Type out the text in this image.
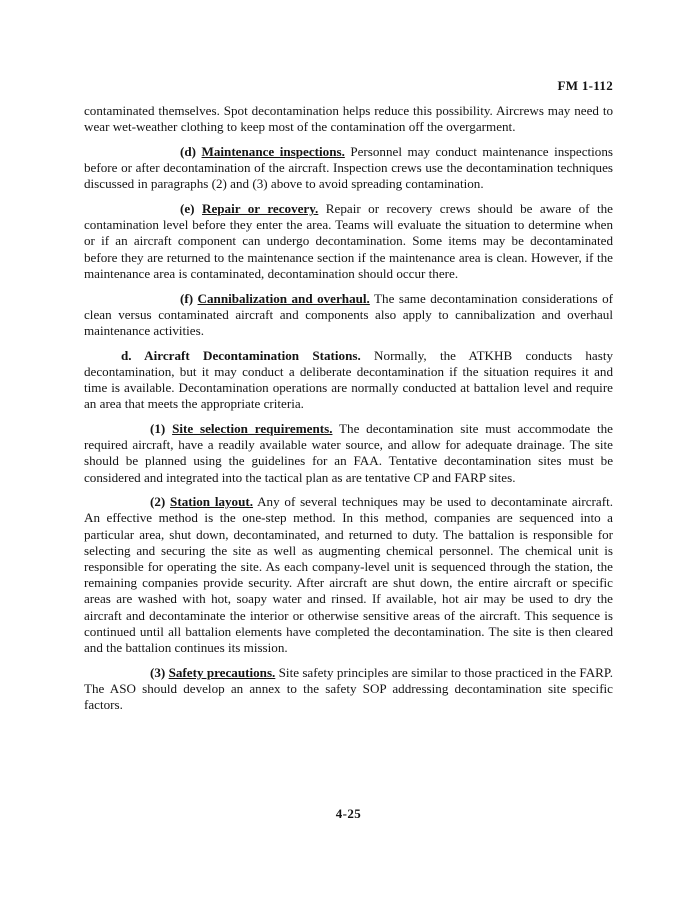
FM 1-112

contaminated themselves. Spot decontamination helps reduce this possibility. Aircrews may need to wear wet-weather clothing to keep most of the contamination off the overgarment.

(d) Maintenance inspections. Personnel may conduct maintenance inspections before or after decontamination of the aircraft. Inspection crews use the decontamination techniques discussed in paragraphs (2) and (3) above to avoid spreading contamination.

(e) Repair or recovery. Repair or recovery crews should be aware of the contamination level before they enter the area. Teams will evaluate the situation to determine when or if an aircraft component can undergo decontamination. Some items may be decontaminated before they are returned to the maintenance section if the maintenance area is clean. However, if the maintenance area is contaminated, decontamination should occur there.

(f) Cannibalization and overhaul. The same decontamination considerations of clean versus contaminated aircraft and components also apply to cannibalization and overhaul maintenance activities.

d. Aircraft Decontamination Stations. Normally, the ATKHB conducts hasty decontamination, but it may conduct a deliberate decontamination if the situation requires it and time is available. Decontamination operations are normally conducted at battalion level and require an area that meets the appropriate criteria.

(1) Site selection requirements. The decontamination site must accommodate the required aircraft, have a readily available water source, and allow for adequate drainage. The site should be planned using the guidelines for an FAA. Tentative decontamination sites must be considered and integrated into the tactical plan as are tentative CP and FARP sites.

(2) Station layout. Any of several techniques may be used to decontaminate aircraft. An effective method is the one-step method. In this method, companies are sequenced into a particular area, shut down, decontaminated, and returned to duty. The battalion is responsible for selecting and securing the site as well as augmenting chemical personnel. The chemical unit is responsible for operating the site. As each company-level unit is sequenced through the station, the remaining companies provide security. After aircraft are shut down, the entire aircraft or specific areas are washed with hot, soapy water and rinsed. If available, hot air may be used to dry the aircraft and decontaminate the interior or otherwise sensitive areas of the aircraft. This sequence is continued until all battalion elements have completed the decontamination. The site is then cleared and the battalion continues its mission.

(3) Safety precautions. Site safety principles are similar to those practiced in the FARP. The ASO should develop an annex to the safety SOP addressing decontamination site specific factors.

4-25
